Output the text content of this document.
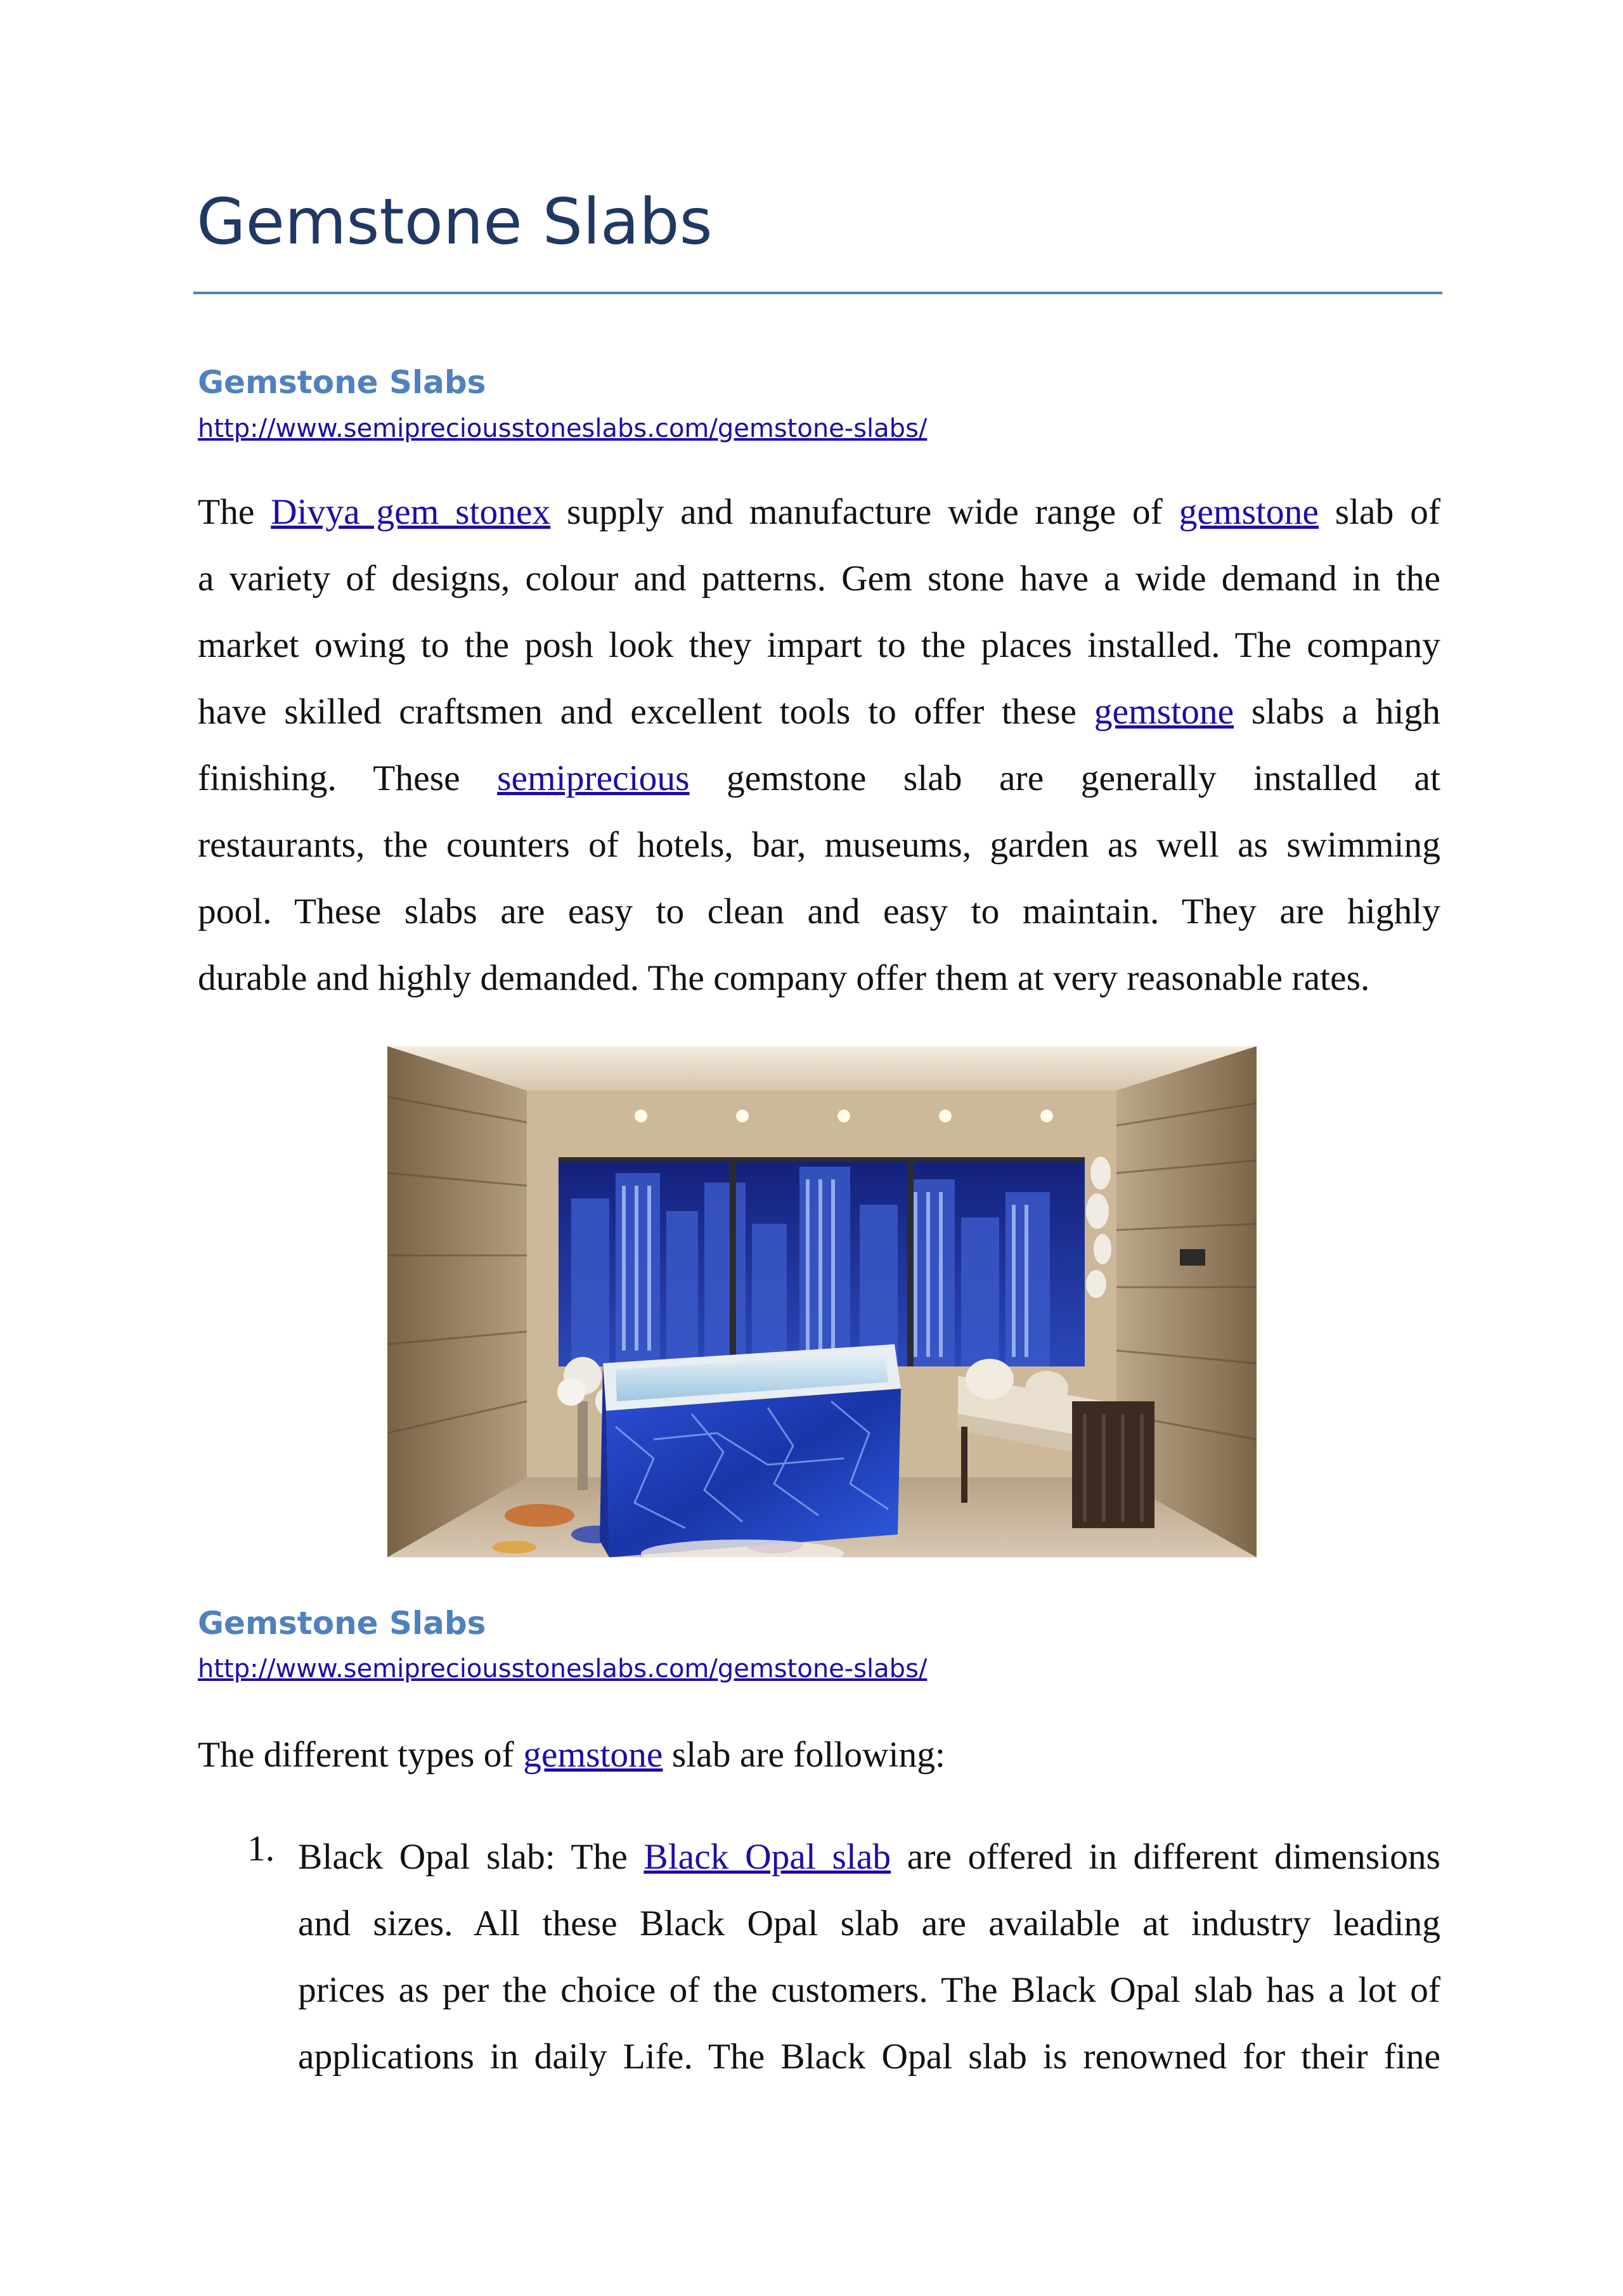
Gemstone Slabs
Gemstone Slabs
http://www.semipreciousstoneslabs.com/gemstone-slabs/
The Divya gem stonex supply and manufacture wide range of gemstone slab of
a variety of designs, colour and patterns. Gem stone have a wide demand in the
market owing to the posh look they impart to the places installed. The company
have skilled craftsmen and excellent tools to offer these gemstone slabs a high
finishing. These semiprecious gemstone slab are generally installed at
restaurants, the counters of hotels, bar, museums, garden as well as swimming
pool. These slabs are easy to clean and easy to maintain. They are highly
durable and highly demanded. The company offer them at very reasonable rates.
Gemstone Slabs
http://www.semipreciousstoneslabs.com/gemstone-slabs/

The different types of gemstone slab are following:

1. Black Opal slab: The Black Opal slab are offered in different dimensions
and sizes. All these Black Opal slab are available at industry leading
prices as per the choice of the customers. The Black Opal slab has a lot of
applications in daily Life. The Black Opal slab is renowned for their fine
